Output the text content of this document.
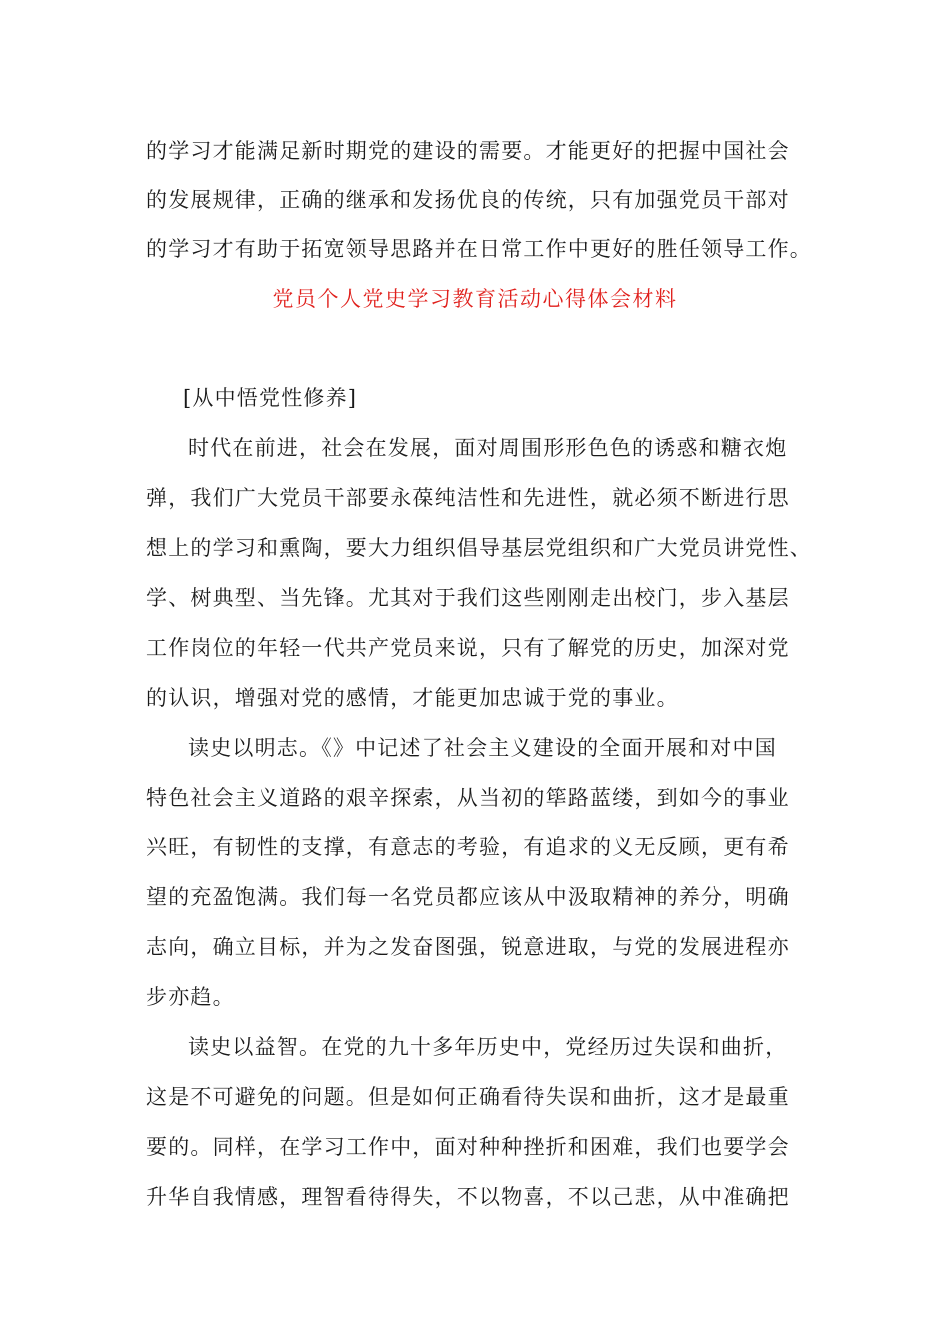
的学习才能满足新时期党的建设的需要。才能更好的把握中国社会
的发展规律，正确的继承和发扬优良的传统，只有加强党员干部对
的学习才有助于拓宽领导思路并在日常工作中更好的胜任领导工作。
党员个人党史学习教育活动心得体会材料
[从中悟党性修养]
时代在前进，社会在发展，面对周围形形色色的诱惑和糖衣炮
弹，我们广大党员干部要永葆纯洁性和先进性，就必须不断进行思
想上的学习和熏陶，要大力组织倡导基层党组织和广大党员讲党性、
学、树典型、当先锋。尤其对于我们这些刚刚走出校门，步入基层
工作岗位的年轻一代共产党员来说，只有了解党的历史，加深对党
的认识，增强对党的感情，才能更加忠诚于党的事业。
读史以明志。《》中记述了社会主义建设的全面开展和对中国
特色社会主义道路的艰辛探索，从当初的筚路蓝缕，到如今的事业
兴旺，有韧性的支撑，有意志的考验，有追求的义无反顾，更有希
望的充盈饱满。我们每一名党员都应该从中汲取精神的养分，明确
志向，确立目标，并为之发奋图强，锐意进取，与党的发展进程亦
步亦趋。
读史以益智。在党的九十多年历史中，党经历过失误和曲折，
这是不可避免的问题。但是如何正确看待失误和曲折，这才是最重
要的。同样，在学习工作中，面对种种挫折和困难，我们也要学会
升华自我情感，理智看待得失，不以物喜，不以己悲，从中准确把
